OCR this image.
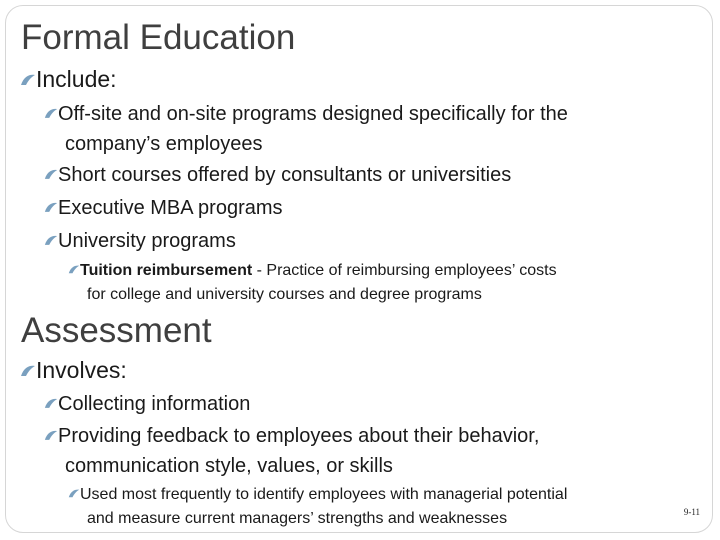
Formal Education
Include:
Off-site and on-site programs designed specifically for the
company’s employees
Short courses offered by consultants or universities
Executive MBA programs
University programs
Tuition reimbursement - Practice of reimbursing employees’ costs
for college and university courses and degree programs
Assessment
Involves:
Collecting information
Providing feedback to employees about their behavior,
communication style, values, or skills
Used most frequently to identify employees with managerial potential
and measure current managers’ strengths and weaknesses	9-11
